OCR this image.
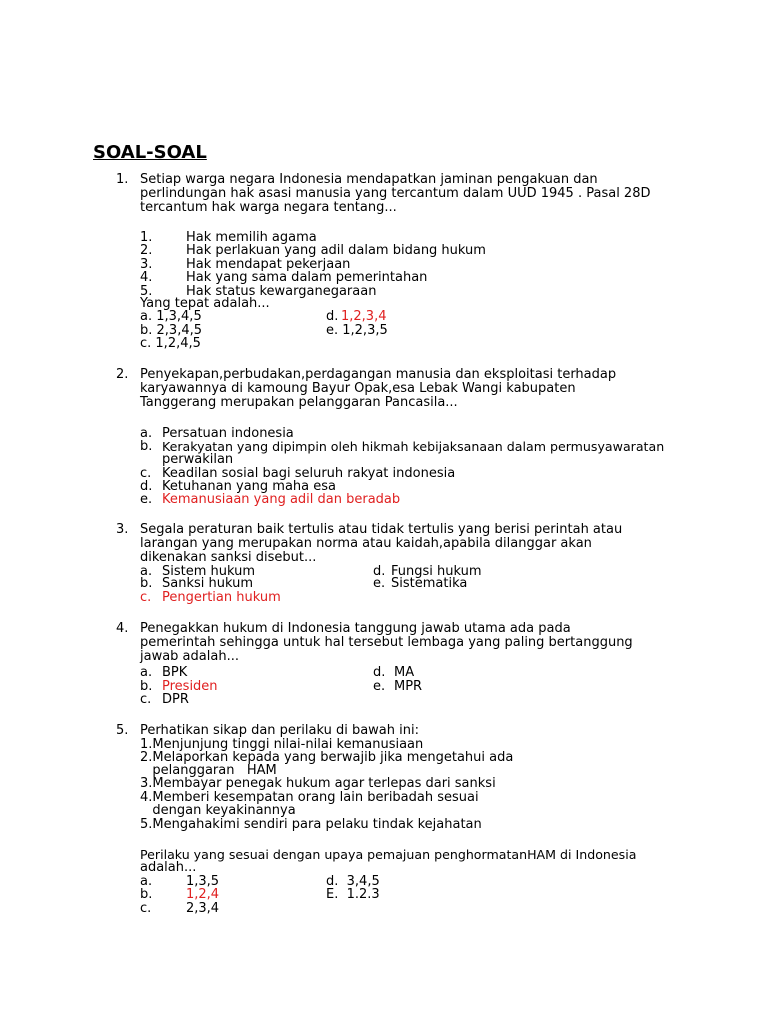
SOAL-SOAL
1. Setiap warga negara Indonesia mendapatkan jaminan pengakuan dan perlindungan hak asasi manusia yang tercantum dalam UUD 1945 . Pasal 28D tercantum hak warga negara tentang...
1.	Hak memilih agama
2.	Hak perlakuan yang adil dalam bidang hukum
3.	Hak mendapat pekerjaan
4.	Hak yang sama dalam pemerintahan
5.	Hak status kewarganegaraan
Yang tepat adalah...
a. 1,3,4,5
b. 2,3,4,5
c. 1,2,4,5
d. 1,2,3,4
e. 1,2,3,5
2. Penyekapan,perbudakan,perdagangan manusia dan eksploitasi terhadap karyawannya di kamoung Bayur Opak,esa Lebak Wangi kabupaten Tanggerang merupakan pelanggaran Pancasila...
a. Persatuan indonesia
b. Kerakyatan yang dipimpin oleh hikmah kebijaksanaan dalam permusyawaratan
perwakilan
c. Keadilan sosial bagi seluruh rakyat indonesia
d. Ketuhanan yang maha esa
e. Kemanusiaan yang adil dan beradab
3. Segala peraturan baik tertulis atau tidak tertulis yang berisi perintah atau larangan yang merupakan norma atau kaidah,apabila dilanggar akan dikenakan sanksi disebut...
a. Sistem hukum
b. Sanksi hukum
c. Pengertian hukum
d. Fungsi hukum
e. Sistematika
4. Penegakkan hukum di Indonesia tanggung jawab utama ada pada pemerintah sehingga untuk hal tersebut lembaga yang paling bertanggung jawab adalah...
a. BPK
b. Presiden
c. DPR
d. MA
e. MPR
5. Perhatikan sikap dan perilaku di bawah ini:
1.Menjunjung tinggi nilai-nilai kemanusiaan
2.Melaporkan kepada yang berwajib jika mengetahui ada
pelanggaran   HAM
3.Membayar penegak hukum agar terlepas dari sanksi
4.Memberi kesempatan orang lain beribadah sesuai
dengan keyakinannya
5.Mengahakimi sendiri para pelaku tindak kejahatan
Perilaku yang sesuai dengan upaya pemajuan penghormatanHAM di Indonesia
adalah...
a.	1,3,5
b.	1,2,4
c.	2,3,4
d.  3,4,5
E.  1.2.3
